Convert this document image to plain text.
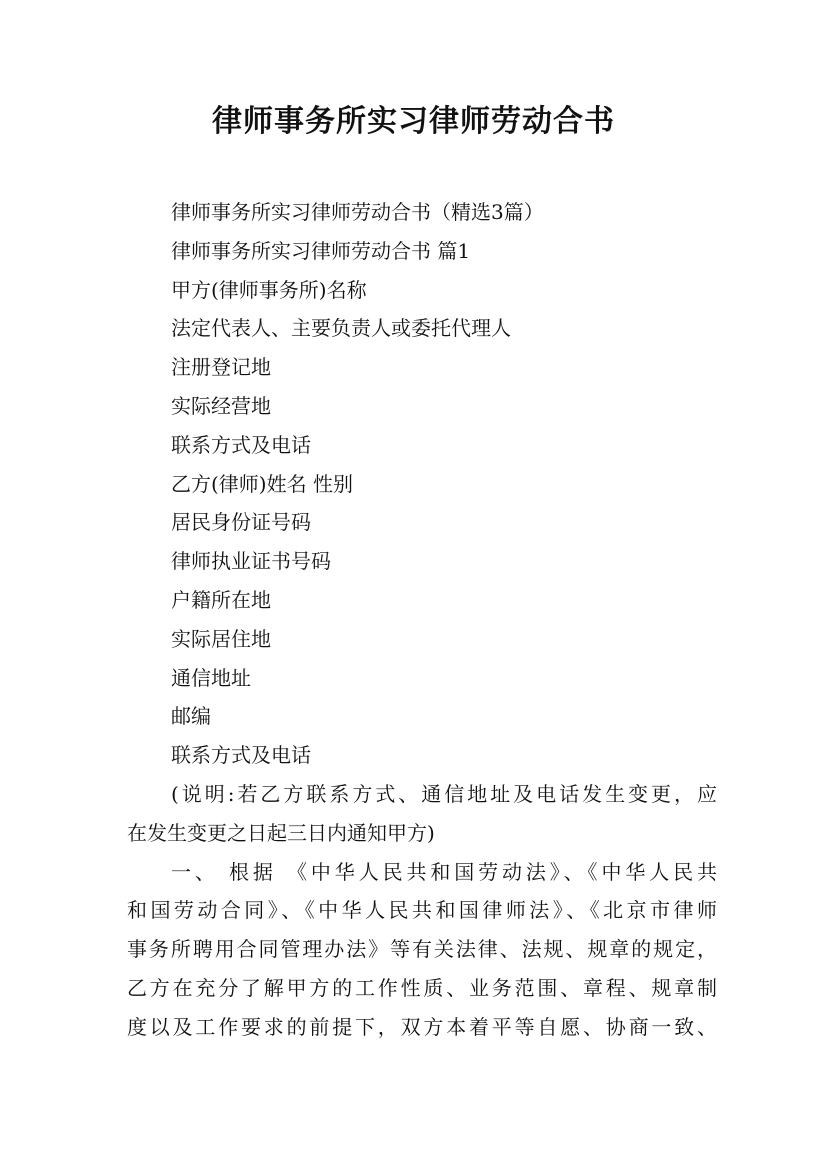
律师事务所实习律师劳动合书
律师事务所实习律师劳动合书（精选3篇）
律师事务所实习律师劳动合书 篇1
甲方(律师事务所)名称
法定代表人、主要负责人或委托代理人
注册登记地
实际经营地
联系方式及电话
乙方(律师)姓名 性别
居民身份证号码
律师执业证书号码
户籍所在地
实际居住地
通信地址
邮编
联系方式及电话
(说明:若乙方联系方式、通信地址及电话发生变更，应
在发生变更之日起三日内通知甲方)
一、 根据 《中华人民共和国劳动法》、《中华人民共
和国劳动合同》、《中华人民共和国律师法》、《北京市律师
事务所聘用合同管理办法》等有关法律、法规、规章的规定，
乙方在充分了解甲方的工作性质、业务范围、章程、规章制
度以及工作要求的前提下，双方本着平等自愿、协商一致、
